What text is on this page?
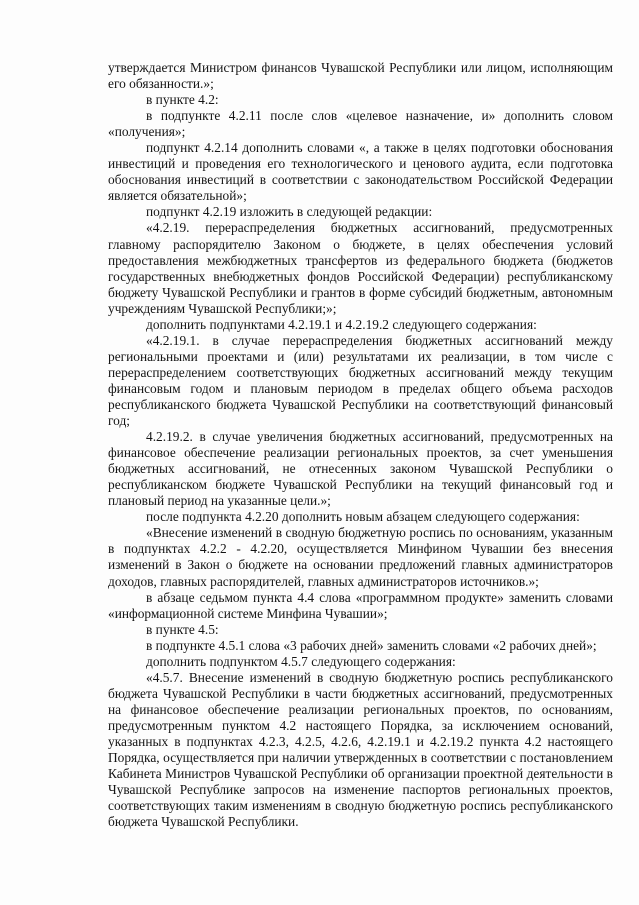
утверждается Министром финансов Чувашской Республики или лицом, исполняющим его обязанности.»;

в пункте 4.2:

в подпункте 4.2.11 после слов «целевое назначение, и» дополнить словом «получения»;

подпункт 4.2.14 дополнить словами «, а также в целях подготовки обоснования инвестиций и проведения его технологического и ценового аудита, если подготовка обоснования инвестиций в соответствии с законодательством Российской Федерации является обязательной»;

подпункт 4.2.19 изложить в следующей редакции:

«4.2.19. перераспределения бюджетных ассигнований, предусмотренных главному распорядителю Законом о бюджете, в целях обеспечения условий предоставления межбюджетных трансфертов из федерального бюджета (бюджетов государственных внебюджетных фондов Российской Федерации) республиканскому бюджету Чувашской Республики и грантов в форме субсидий бюджетным, автономным учреждениям Чувашской Республики;»;

дополнить подпунктами 4.2.19.1 и 4.2.19.2 следующего содержания:

«4.2.19.1. в случае перераспределения бюджетных ассигнований между региональными проектами и (или) результатами их реализации, в том числе с перераспределением соответствующих бюджетных ассигнований между текущим финансовым годом и плановым периодом в пределах общего объема расходов республиканского бюджета Чувашской Республики на соответствующий финансовый год;

4.2.19.2. в случае увеличения бюджетных ассигнований, предусмотренных на финансовое обеспечение реализации региональных проектов, за счет уменьшения бюджетных ассигнований, не отнесенных законом Чувашской Республики о республиканском бюджете Чувашской Республики на текущий финансовый год и плановый период на указанные цели.»;

после подпункта 4.2.20 дополнить новым абзацем следующего содержания:

«Внесение изменений в сводную бюджетную роспись по основаниям, указанным в подпунктах 4.2.2 - 4.2.20, осуществляется Минфином Чувашии без внесения изменений в Закон о бюджете на основании предложений главных администраторов доходов, главных распорядителей, главных администраторов источников.»;

в абзаце седьмом пункта 4.4 слова «программном продукте» заменить словами «информационной системе Минфина Чувашии»;

в пункте 4.5:

в подпункте 4.5.1 слова «3 рабочих дней» заменить словами «2 рабочих дней»;

дополнить подпунктом 4.5.7 следующего содержания:

«4.5.7. Внесение изменений в сводную бюджетную роспись республиканского бюджета Чувашской Республики в части бюджетных ассигнований, предусмотренных на финансовое обеспечение реализации региональных проектов, по основаниям, предусмотренным пунктом 4.2 настоящего Порядка, за исключением оснований, указанных в подпунктах 4.2.3, 4.2.5, 4.2.6, 4.2.19.1 и 4.2.19.2 пункта 4.2 настоящего Порядка, осуществляется при наличии утвержденных в соответствии с постановлением Кабинета Министров Чувашской Республики об организации проектной деятельности в Чувашской Республике запросов на изменение паспортов региональных проектов, соответствующих таким изменениям в сводную бюджетную роспись республиканского бюджета Чувашской Республики.
